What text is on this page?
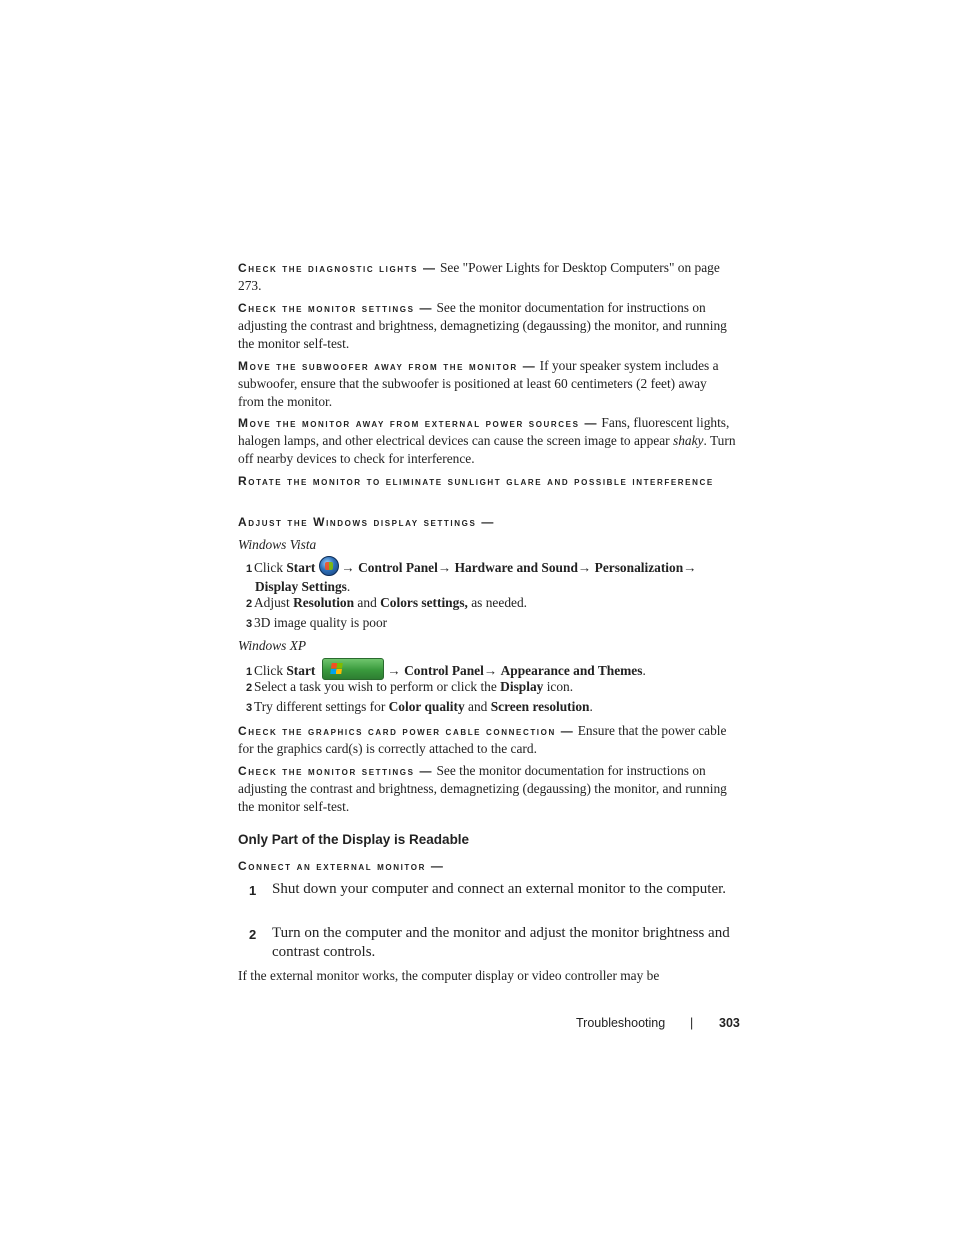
Check the diagnostic lights — See "Power Lights for Desktop Computers" on page 273.
Check the monitor settings — See the monitor documentation for instructions on adjusting the contrast and brightness, demagnetizing (degaussing) the monitor, and running the monitor self-test.
Move the subwoofer away from the monitor — If your speaker system includes a subwoofer, ensure that the subwoofer is positioned at least 60 centimeters (2 feet) away from the monitor.
Move the monitor away from external power sources — Fans, fluorescent lights, halogen lamps, and other electrical devices can cause the screen image to appear shaky. Turn off nearby devices to check for interference.
Rotate the monitor to eliminate sunlight glare and possible interference
Adjust the Windows display settings —
Windows Vista
1 Click Start → Control Panel→ Hardware and Sound→ Personalization→
Display Settings.
2 Adjust Resolution and Colors settings, as needed.
3 3D image quality is poor
Windows XP
1 Click Start	→ Control Panel→ Appearance and Themes.
2 Select a task you wish to perform or click the Display icon.
3 Try different settings for Color quality and Screen resolution.
Check the graphics card power cable connection — Ensure that the power cable for the graphics card(s) is correctly attached to the card.
Check the monitor settings — See the monitor documentation for instructions on adjusting the contrast and brightness, demagnetizing (degaussing) the monitor, and running the monitor self-test.
Only Part of the Display is Readable
Connect an external monitor —
1 Shut down your computer and connect an external monitor to the computer.
2 Turn on the computer and the monitor and adjust the monitor brightness and contrast controls.
If the external monitor works, the computer display or video controller may be
Troubleshooting | 303
